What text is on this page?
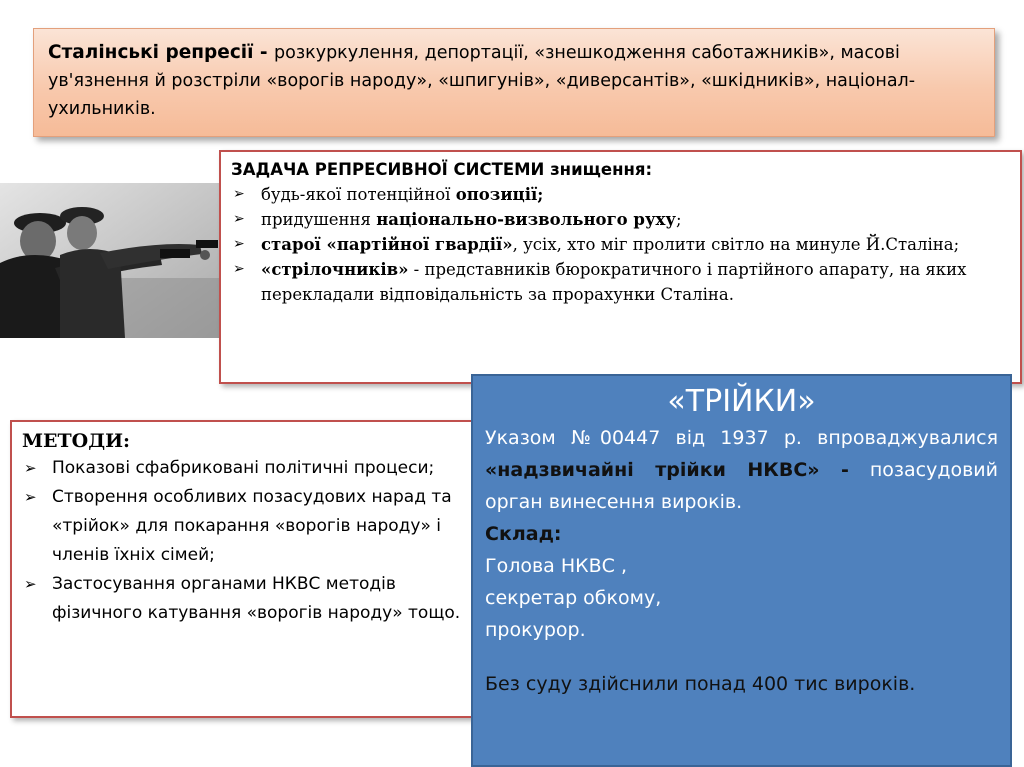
Сталінські репресії - розкуркулення, депортації, «знешкодження саботажників», масові ув'язнення й розстріли «ворогів народу», «шпигунів», «диверсантів», «шкідників», націонал-ухильників.
ЗАДАЧА РЕПРЕСИВНОЇ СИСТЕМИ знищення:
➢ будь-якої потенційної опозиції;
➢ придушення національно-визвольного руху;
➢ старої «партійної гвардії», усіх, хто міг пролити світло на минуле Й.Сталіна;
➢ «стрілочників» - представників бюрократичного і партійного апарату, на яких перекладали відповідальність за прорахунки Сталіна.
МЕТОДИ:
➢ Показові сфабриковані політичні процеси;
➢ Створення особливих позасудових нарад та «трійок» для покарання «ворогів народу» і членів їхніх сімей;
➢ Застосування органами НКВС методів фізичного катування «ворогів народу» тощо.
«ТРІЙКИ»
Указом №00447 від 1937 р. впроваджувалися «надзвичайні трійки НКВС» - позасудовий орган винесення вироків.
Склад:
Голова НКВС ,
секретар обкому,
прокурор.
Без суду здійснили понад 400 тис вироків.
